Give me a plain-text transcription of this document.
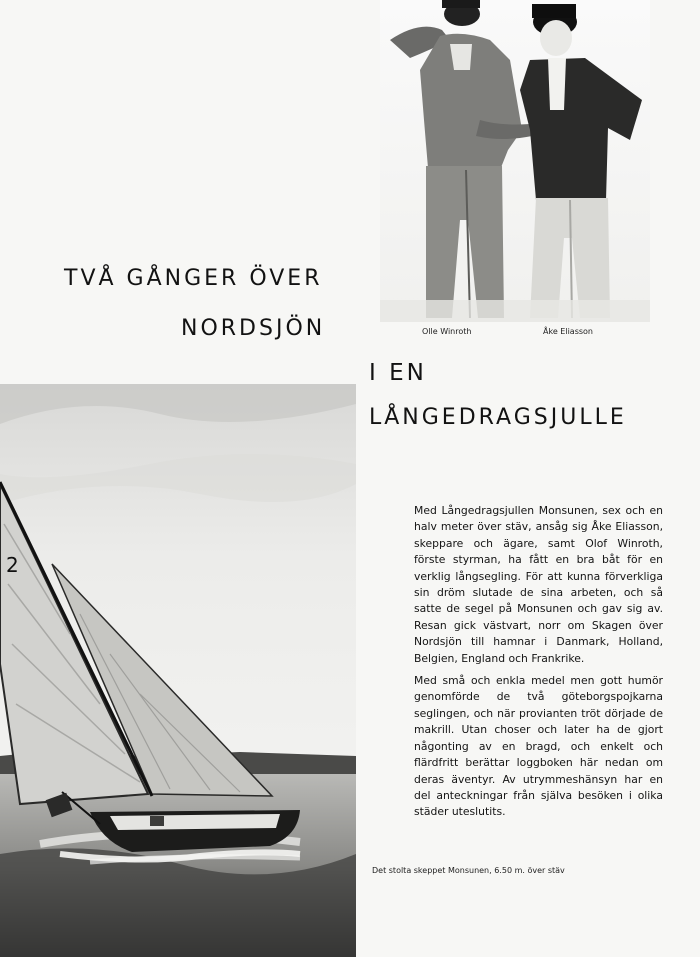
Olle Winroth	Åke Eliasson
TVÅ GÅNGER ÖVER
NORDSJÖN
I EN
LÅNGEDRAGSJULLE
2

Med Långedragsjullen Monsunen, sex och en halv meter över stäv, ansåg sig Åke Eliasson, skeppare och ägare, samt Olof Winroth, förste styrman, ha fått en bra båt för en verklig långsegling. För att kunna förverkliga sin dröm slutade de sina arbeten, och så satte de segel på Monsunen och gav sig av. Resan gick västvart, norr om Skagen över Nordsjön till hamnar i Danmark, Holland, Belgien, England och Frankrike.

Med små och enkla medel men gott humör genomförde de två göteborgspojkarna seglingen, och när provianten tröt dörjade de makrill. Utan choser och later ha de gjort någonting av en bragd, och enkelt och flärdfritt berättar loggboken här nedan om deras äventyr. Av utrymmeshänsyn har en del anteckningar från själva besöken i olika städer uteslutits.

Det stolta skeppet Monsunen, 6.50 m. över stäv
